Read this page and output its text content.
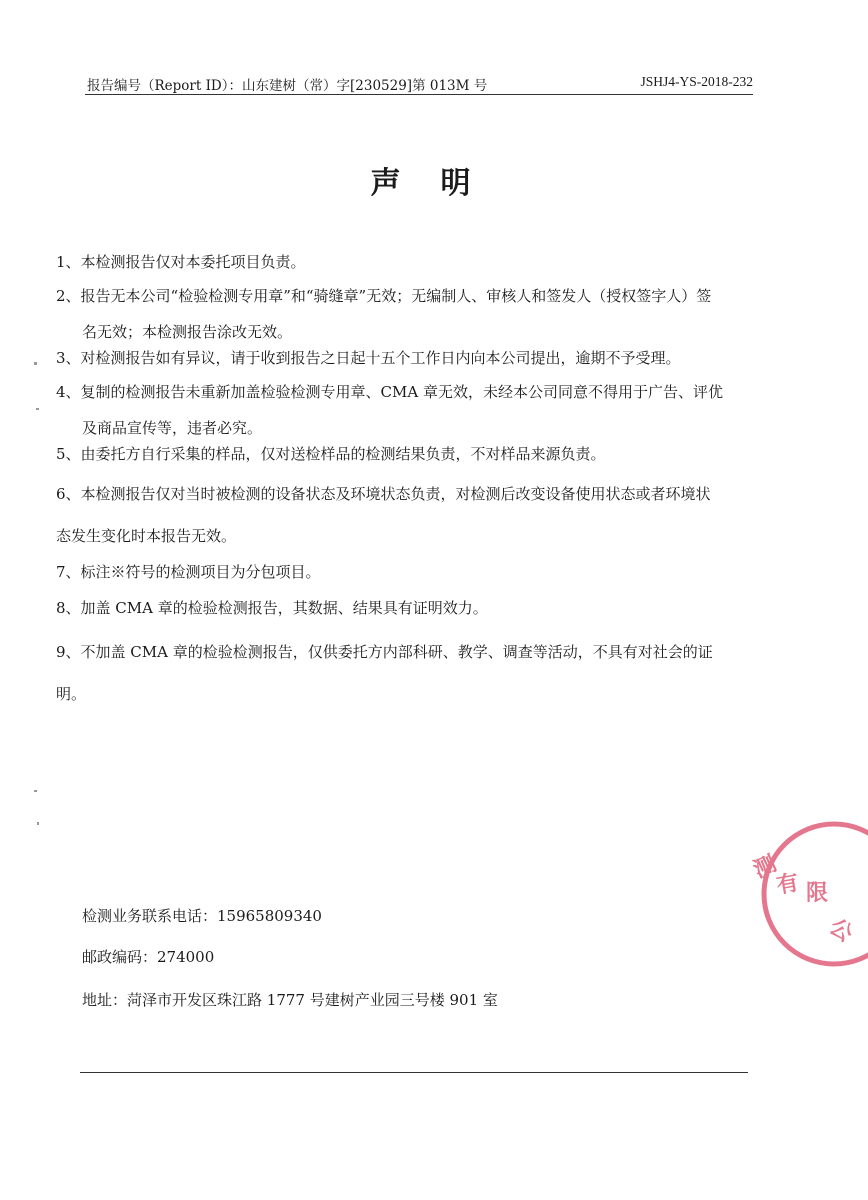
报告编号（Report ID）：山东建树（常）字[230529]第 013M 号	JSHJ4-YS-2018-232
声明
1、本检测报告仅对本委托项目负责。
2、报告无本公司“检验检测专用章”和“骑缝章”无效；无编制人、审核人和签发人（授权签字人）签
名无效；本检测报告涂改无效。
3、对检测报告如有异议，请于收到报告之日起十五个工作日内向本公司提出，逾期不予受理。
4、复制的检测报告未重新加盖检验检测专用章、CMA 章无效，未经本公司同意不得用于广告、评优
及商品宣传等，违者必究。
5、由委托方自行采集的样品，仅对送检样品的检测结果负责，不对样品来源负责。
6、本检测报告仅对当时被检测的设备状态及环境状态负责，对检测后改变设备使用状态或者环境状
态发生变化时本报告无效。
7、标注※符号的检测项目为分包项目。
8、加盖 CMA 章的检验检测报告，其数据、结果具有证明效力。
9、不加盖 CMA 章的检验检测报告，仅供委托方内部科研、教学、调查等活动，不具有对社会的证
明。
检测业务联系电话：15965809340
邮政编码：274000
地址：菏泽市开发区珠江路 1777 号建树产业园三号楼 901 室
测
有 限
公
